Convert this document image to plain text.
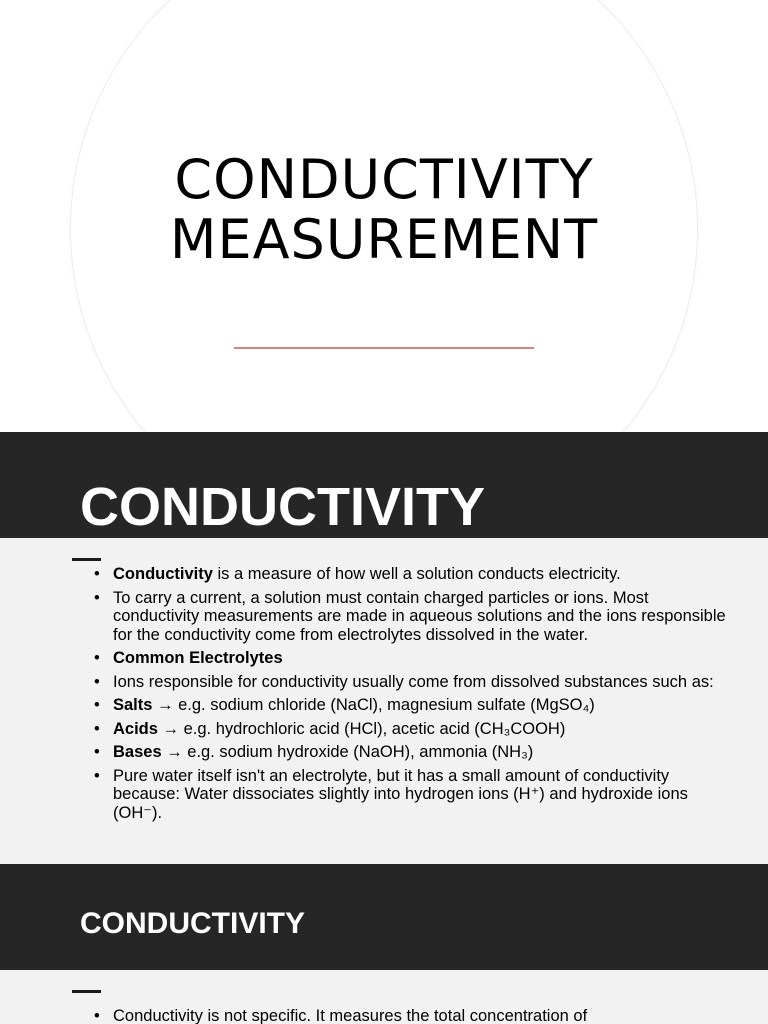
CONDUCTIVITY
MEASUREMENT
CONDUCTIVITY
• Conductivity is a measure of how well a solution conducts electricity.
• To carry a current, a solution must contain charged particles or ions. Most conductivity measurements are made in aqueous solutions and the ions responsible for the conductivity come from electrolytes dissolved in the water.
• Common Electrolytes
• Ions responsible for conductivity usually come from dissolved substances such as:
• Salts → e.g. sodium chloride (NaCl), magnesium sulfate (MgSO₄)
• Acids → e.g. hydrochloric acid (HCl), acetic acid (CH₃COOH)
• Bases → e.g. sodium hydroxide (NaOH), ammonia (NH₃)
• Pure water itself isn't an electrolyte, but it has a small amount of conductivity because: Water dissociates slightly into hydrogen ions (H⁺) and hydroxide ions (OH⁻).
CONDUCTIVITY
• Conductivity is not specific. It measures the total concentration of
